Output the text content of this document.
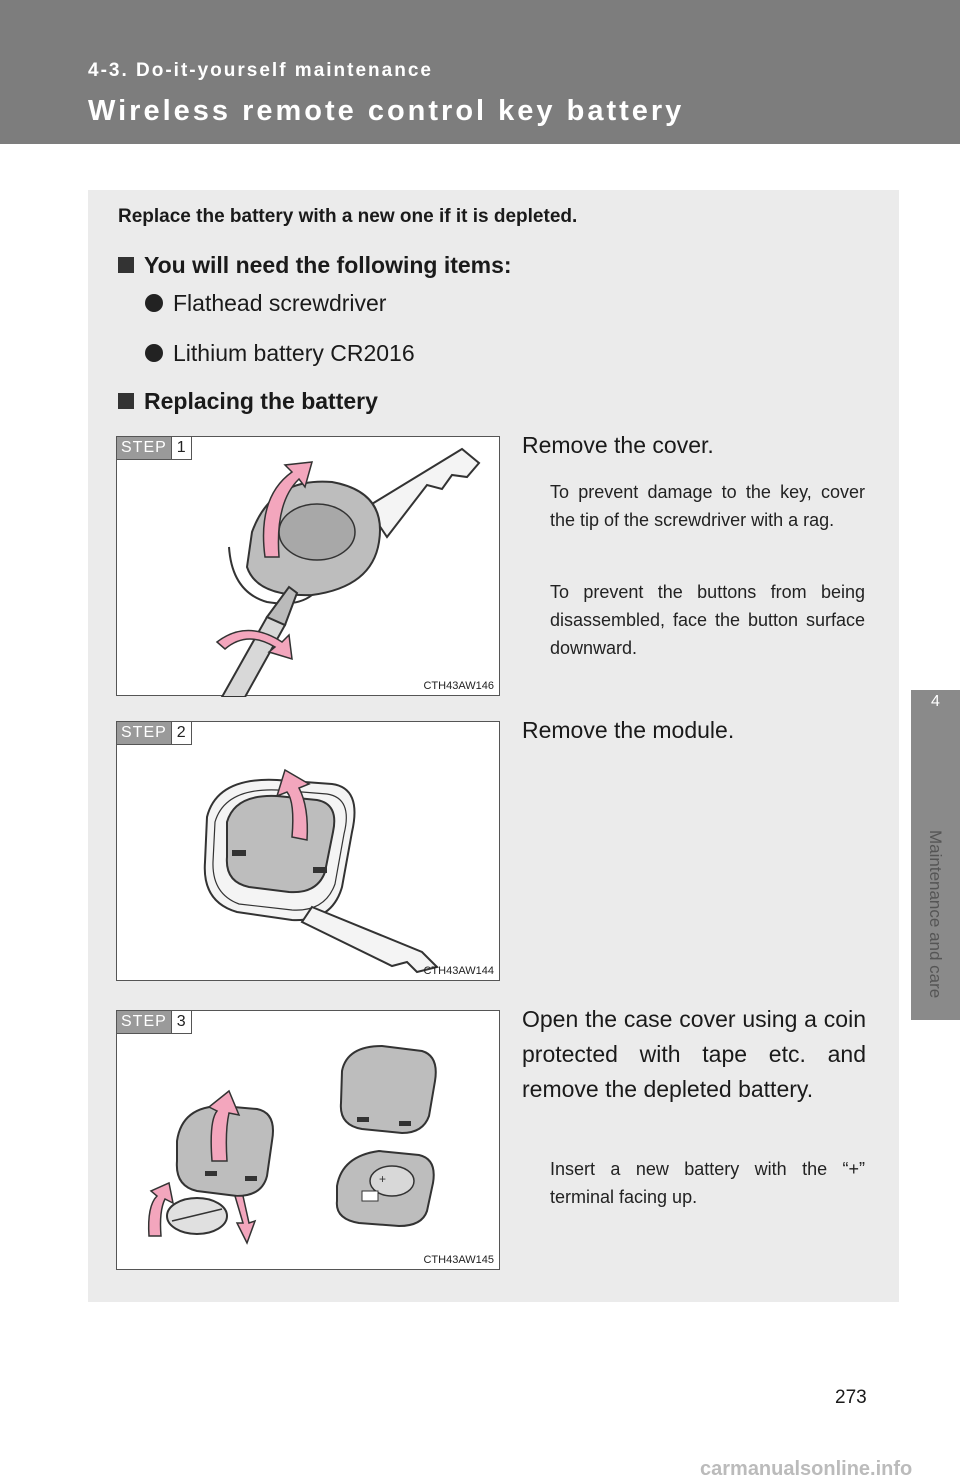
4-3. Do-it-yourself maintenance
Wireless remote control key battery
4
Maintenance and care
Replace the battery with a new one if it is depleted.
You will need the following items:
Flathead screwdriver
Lithium battery CR2016
Replacing the battery
STEP 1
CTH43AW146
Remove the cover.
To prevent damage to the key, cover the tip of the screwdriver with a rag.
To prevent the buttons from being disassembled, face the button surface downward.
STEP 2
CTH43AW144
Remove the module.
+
STEP 3
CTH43AW145
Open the case cover using a coin protected with tape etc. and remove the depleted battery.
Insert a new battery with the “+” terminal facing up.
273
carmanualsonline.info
